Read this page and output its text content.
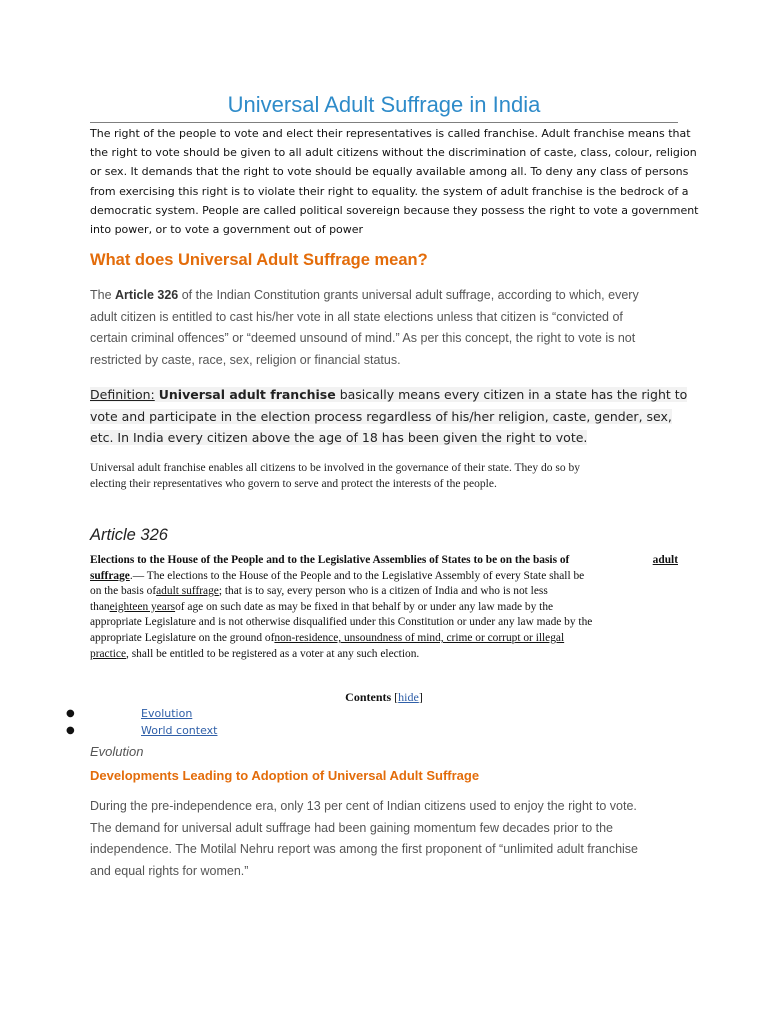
Universal Adult Suffrage in India
The right of the people to vote and elect their representatives is called franchise. Adult franchise means that
the right to vote should be given to all adult citizens without the discrimination of caste, class, colour, religion
or sex. It demands that the right to vote should be equally available among all. To deny any class of persons
from exercising this right is to violate their right to equality. the system of adult franchise is the bedrock of a
democratic system. People are called political sovereign because they possess the right to vote a government
into power, or to vote a government out of power
What does Universal Adult Suffrage mean?
The Article 326 of the Indian Constitution grants universal adult suffrage, according to which, every
adult citizen is entitled to cast his/her vote in all state elections unless that citizen is “convicted of
certain criminal offences” or “deemed unsound of mind.” As per this concept, the right to vote is not
restricted by caste, race, sex, religion or financial status.
Definition: Universal adult franchise basically means every citizen in a state has the right to
vote and participate in the election process regardless of his/her religion, caste, gender, sex,
etc. In India every citizen above the age of 18 has been given the right to vote.
Universal adult franchise enables all citizens to be involved in the governance of their state. They do so by
electing their representatives who govern to serve and protect the interests of the people.
Article 326
Elections to the House of the People and to the Legislative Assemblies of States to be on the basis of	adult
suffrage .— The elections to the House of the People and to the Legislative Assembly of every State shall be
on the basis of adult suffrage ; that is to say, every person who is a citizen of India and who is not less
than eighteen years of age on such date as may be fixed in that behalf by or under any law made by the
appropriate Legislature and is not otherwise disqualified under this Constitution or under any law made by the
appropriate Legislature on the ground of non-residence, unsoundness of mind, crime or corrupt or illegal
practice , shall be entitled to be registered as a voter at any such election.
Contents [hide]
●	Evolution
●	World context
Evolution
Developments Leading to Adoption of Universal Adult Suffrage
During the pre-independence era, only 13 per cent of Indian citizens used to enjoy the right to vote.
The demand for universal adult suffrage had been gaining momentum few decades prior to the
independence. The Motilal Nehru report was among the first proponent of “unlimited adult franchise
and equal rights for women.”
